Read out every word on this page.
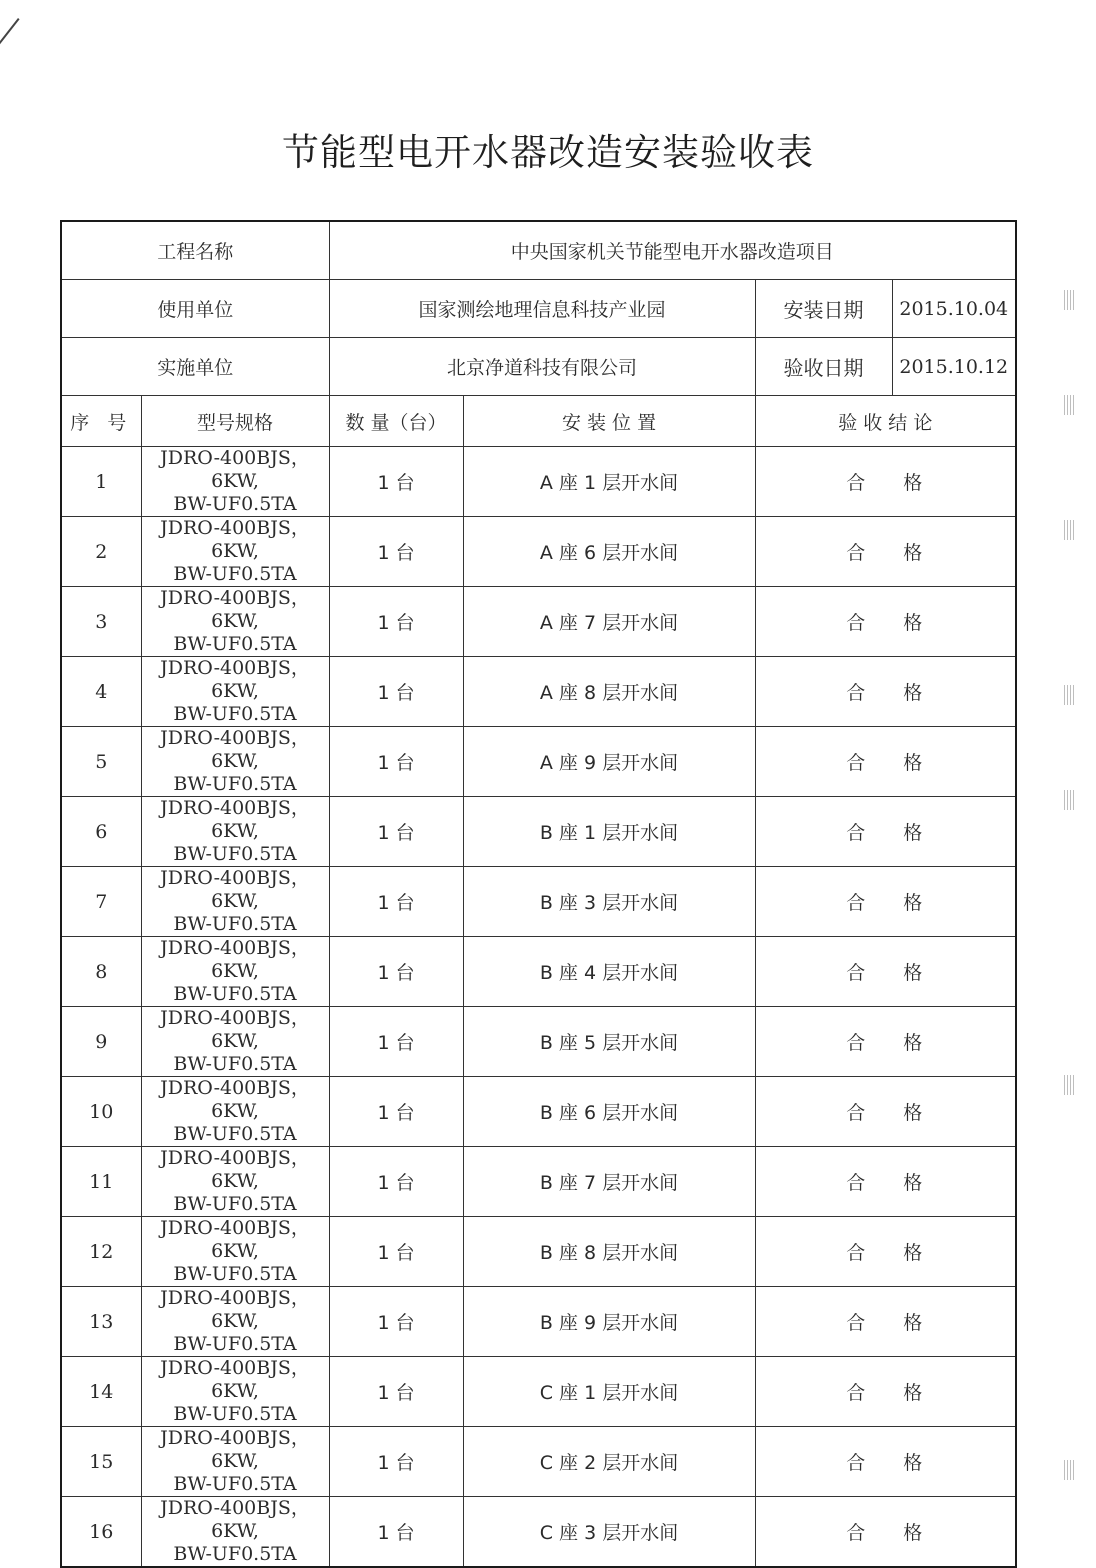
节能型电开水器改造安装验收表
工程名称		中央国家机关节能型电开水器改造项目		
使用单位		国家测绘地理信息科技产业园		安装日期 2015.10.04

实施单位		北京净道科技有限公司		验收日期 2015.10.12

序 号	型号规格	数 量（台）	安 装 位 置	验 收 结 论
1	JDRO-400BJS，6KW,
BW-UF0.5TA	1 台	A 座 1 层开水间	合格
2	JDRO-400BJS，6KW,
BW-UF0.5TA	1 台	A 座 6 层开水间	合格
3	JDRO-400BJS，6KW,
BW-UF0.5TA	1 台	A 座 7 层开水间	合格
4	JDRO-400BJS，6KW,
BW-UF0.5TA	1 台	A 座 8 层开水间	合格
5	JDRO-400BJS，6KW,
BW-UF0.5TA	1 台	A 座 9 层开水间	合格
6	JDRO-400BJS，6KW,
BW-UF0.5TA	1 台	B 座 1 层开水间	合格
7	JDRO-400BJS，6KW,
BW-UF0.5TA	1 台	B 座 3 层开水间	合格
8	JDRO-400BJS，6KW,
BW-UF0.5TA	1 台	B 座 4 层开水间	合格
9	JDRO-400BJS，6KW,
BW-UF0.5TA	1 台	B 座 5 层开水间	合格
10	JDRO-400BJS，6KW,
BW-UF0.5TA	1 台	B 座 6 层开水间	合格
11	JDRO-400BJS，6KW,
BW-UF0.5TA	1 台	B 座 7 层开水间	合格
12	JDRO-400BJS，6KW,
BW-UF0.5TA	1 台	B 座 8 层开水间	合格
13	JDRO-400BJS，6KW,
BW-UF0.5TA	1 台	B 座 9 层开水间	合格
14	JDRO-400BJS，6KW,
BW-UF0.5TA	1 台	C 座 1 层开水间	合格
15	JDRO-400BJS，6KW,
BW-UF0.5TA	1 台	C 座 2 层开水间	合格
16	JDRO-400BJS，6KW,
BW-UF0.5TA	1 台	C 座 3 层开水间	合格
